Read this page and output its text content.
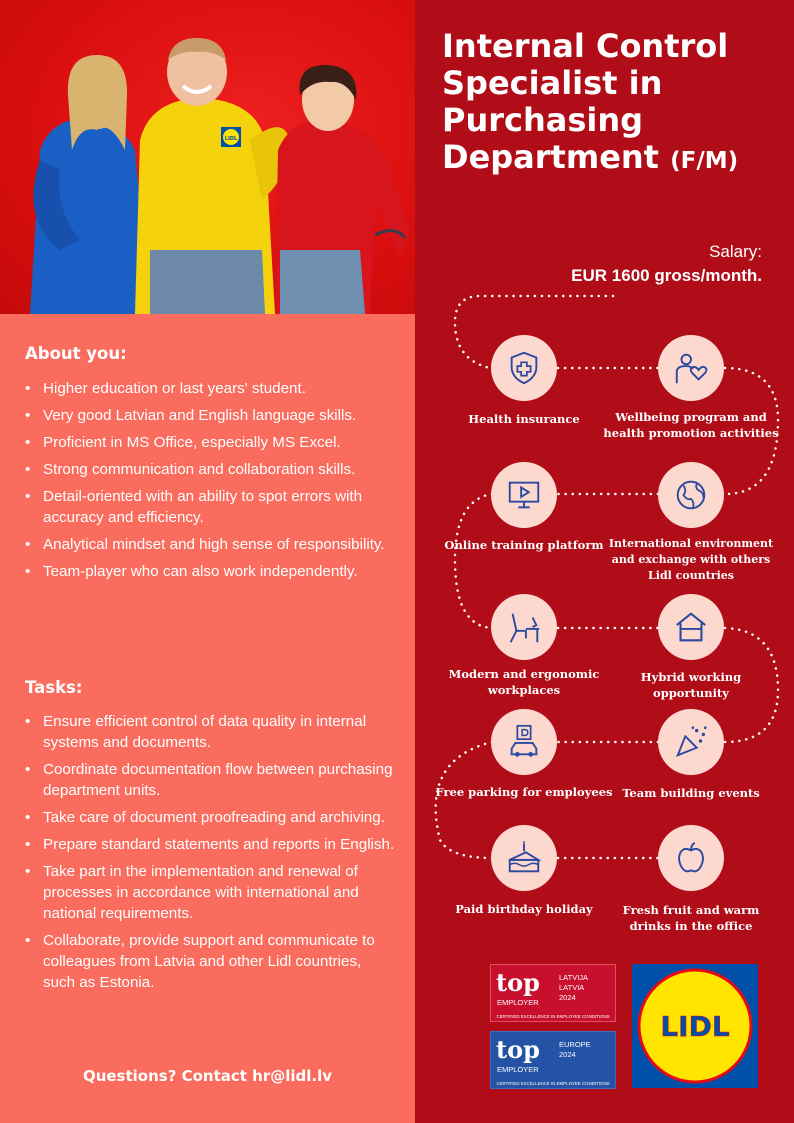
LIDL
About you:
• Higher education or last years' student.
• Very good Latvian and English language skills.
• Proficient in MS Office, especially MS Excel.
• Strong communication and collaboration skills.
• Detail-oriented with an ability to spot errors with accuracy and efficiency.
• Analytical mindset and high sense of responsibility.
• Team-player who can also work independently.
Tasks:
• Ensure efficient control of data quality in internal systems and documents.
• Coordinate documentation flow between purchasing department units.
• Take care of document proofreading and archiving.
• Prepare standard statements and reports in English.
• Take part in the implementation and renewal of processes in accordance with international and national requirements.
• Collaborate, provide support and communicate to colleagues from Latvia and other Lidl countries, such as Estonia.
Questions? Contact hr@lidl.lv
Internal Control Specialist in Purchasing Department (F/M)
Salary:
EUR 1600 gross/month.
Health insurance	Wellbeing program and health promotion activities
Online training platform International environment and exchange with others Lidl countries
Modern and ergonomic workplaces
Hybrid working opportunity
Free parking for employees Team building events
Paid birthday holiday	Fresh fruit and warm drinks in the office
top
EMPLOYER
LATVIJA LATVIA
2024
CERTIFIED EXCELLENCE IN EMPLOYEE CONDITIONS
top
EMPLOYER
EUROPE
2024
CERTIFIED EXCELLENCE IN EMPLOYEE CONDITIONS
LIDL
